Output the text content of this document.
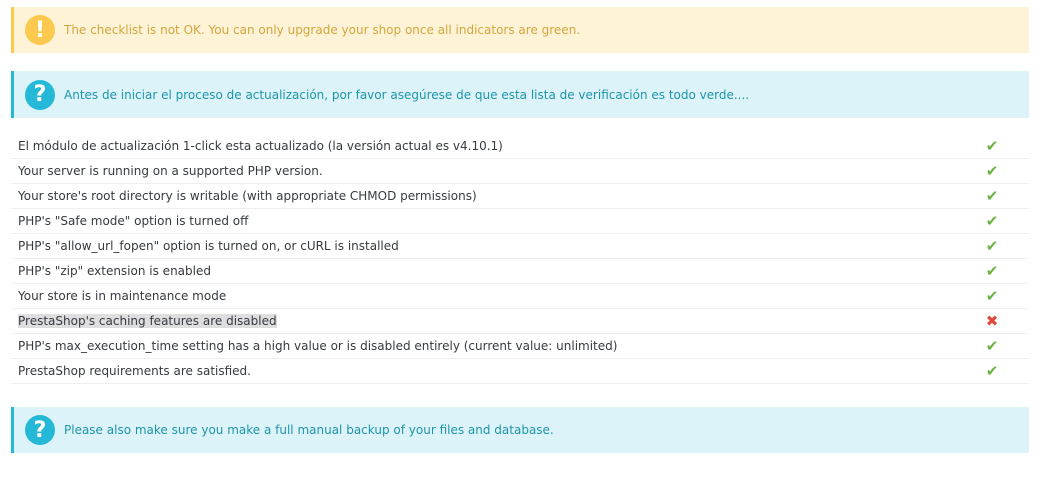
!	The checklist is not OK. You can only upgrade your shop once all indicators are green.
?	Antes de iniciar el proceso de actualización, por favor asegúrese de que esta lista de verificación es todo verde....
El módulo de actualización 1-click esta actualizado (la versión actual es v4.10.1)	✔
Your server is running on a supported PHP version.	✔
Your store's root directory is writable (with appropriate CHMOD permissions)	✔
PHP's "Safe mode" option is turned off	✔
PHP's "allow_url_fopen" option is turned on, or cURL is installed	✔
PHP's "zip" extension is enabled	✔
Your store is in maintenance mode	✔
PrestaShop's caching features are disabled	✖
PHP's max_execution_time setting has a high value or is disabled entirely (current value: unlimited)	✔
PrestaShop requirements are satisfied.	✔
?	Please also make sure you make a full manual backup of your files and database.
